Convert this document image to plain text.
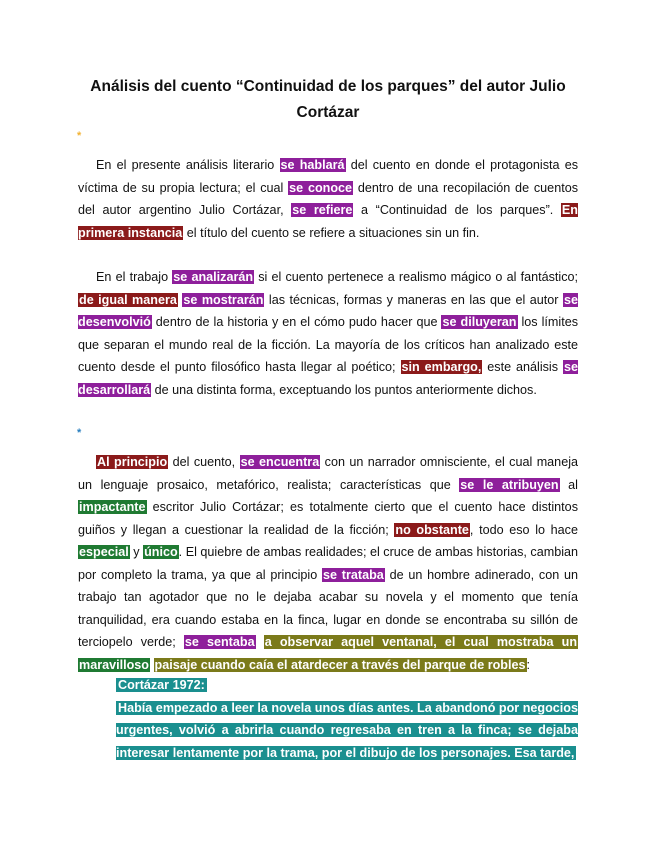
Análisis del cuento “Continuidad de los parques” del autor Julio Cortázar
*
En el presente análisis literario se hablará del cuento en donde el protagonista es víctima de su propia lectura; el cual se conoce dentro de una recopilación de cuentos del autor argentino Julio Cortázar, se refiere a “Continuidad de los parques”. En primera instancia el título del cuento se refiere a situaciones sin un fin.
En el trabajo se analizarán si el cuento pertenece a realismo mágico o al fantástico; de igual manera se mostrarán las técnicas, formas y maneras en las que el autor se desenvolvió dentro de la historia y en el cómo pudo hacer que se diluyeran los límites que separan el mundo real de la ficción. La mayoría de los críticos han analizado este cuento desde el punto filosófico hasta llegar al poético; sin embargo, este análisis se desarrollará de una distinta forma, exceptuando los puntos anteriormente dichos.
*
Al principio del cuento, se encuentra con un narrador omnisciente, el cual maneja un lenguaje prosaico, metafórico, realista; características que se le atribuyen al impactante escritor Julio Cortázar; es totalmente cierto que el cuento hace distintos guiños y llegan a cuestionar la realidad de la ficción; no obstante, todo eso lo hace especial y único. El quiebre de ambas realidades; el cruce de ambas historias, cambian por completo la trama, ya que al principio se trataba de un hombre adinerado, con un trabajo tan agotador que no le dejaba acabar su novela y el momento que tenía tranquilidad, era cuando estaba en la finca, lugar en donde se encontraba su sillón de terciopelo verde; se sentaba a observar aquel ventanal, el cual mostraba un maravilloso paisaje cuando caía el atardecer a través del parque de robles:
Cortázar 1972:
Había empezado a leer la novela unos días antes. La abandonó por negocios urgentes, volvió a abrirla cuando regresaba en tren a la finca; se dejaba interesar lentamente por la trama, por el dibujo de los personajes. Esa tarde,
